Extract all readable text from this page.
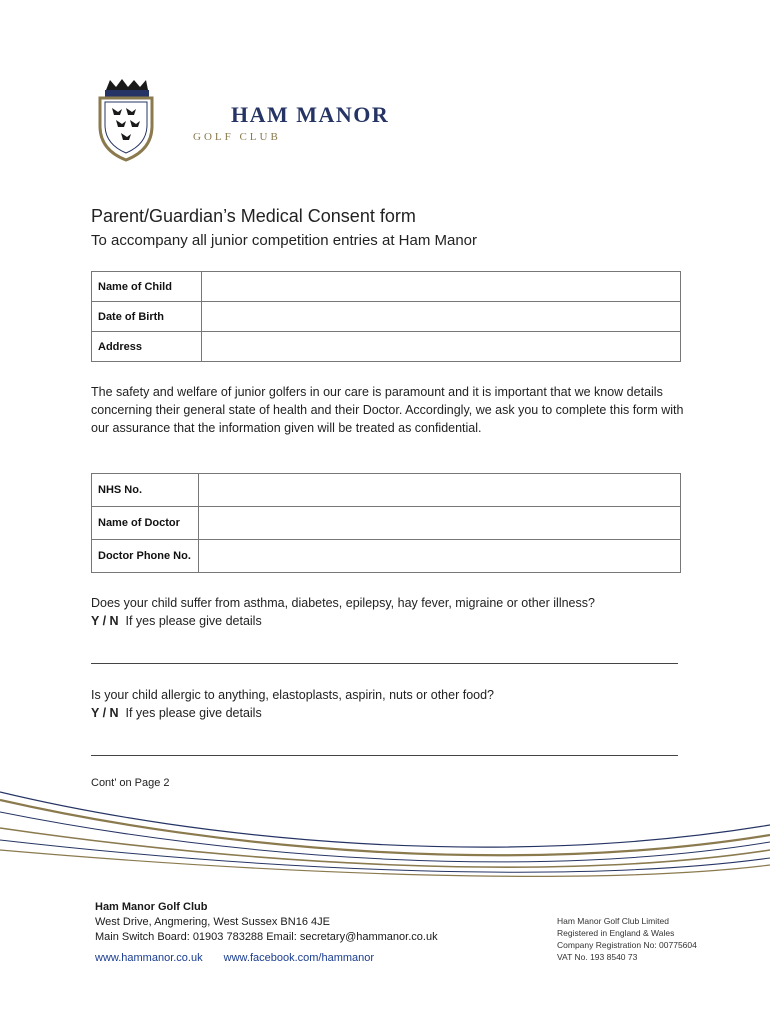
HAM MANOR
GOLF CLUB
Parent/Guardian’s Medical Consent form
To accompany all junior competition entries at Ham Manor
Name of Child	
Date of Birth	
Address	
The safety and welfare of junior golfers in our care is paramount and it is important that we know details concerning their general state of health and their Doctor. Accordingly, we ask you to complete this form with our assurance that the information given will be treated as confidential.
NHS No.	
Name of Doctor	
Doctor Phone No.	
Does your child suffer from asthma, diabetes, epilepsy, hay fever, migraine or other illness?
Y / N If yes please give details
Is your child allergic to anything, elastoplasts, aspirin, nuts or other food?
Y / N If yes please give details
Cont’ on Page 2
Ham Manor Golf Club
West Drive, Angmering, West Sussex BN16 4JE
Main Switch Board: 01903 783288 Email: secretary@hammanor.co.uk
www.hammanor.co.uk www.facebook.com/hammanor
Ham Manor Golf Club Limited
Registered in England & Wales
Company Registration No: 00775604
VAT No. 193 8540 73
